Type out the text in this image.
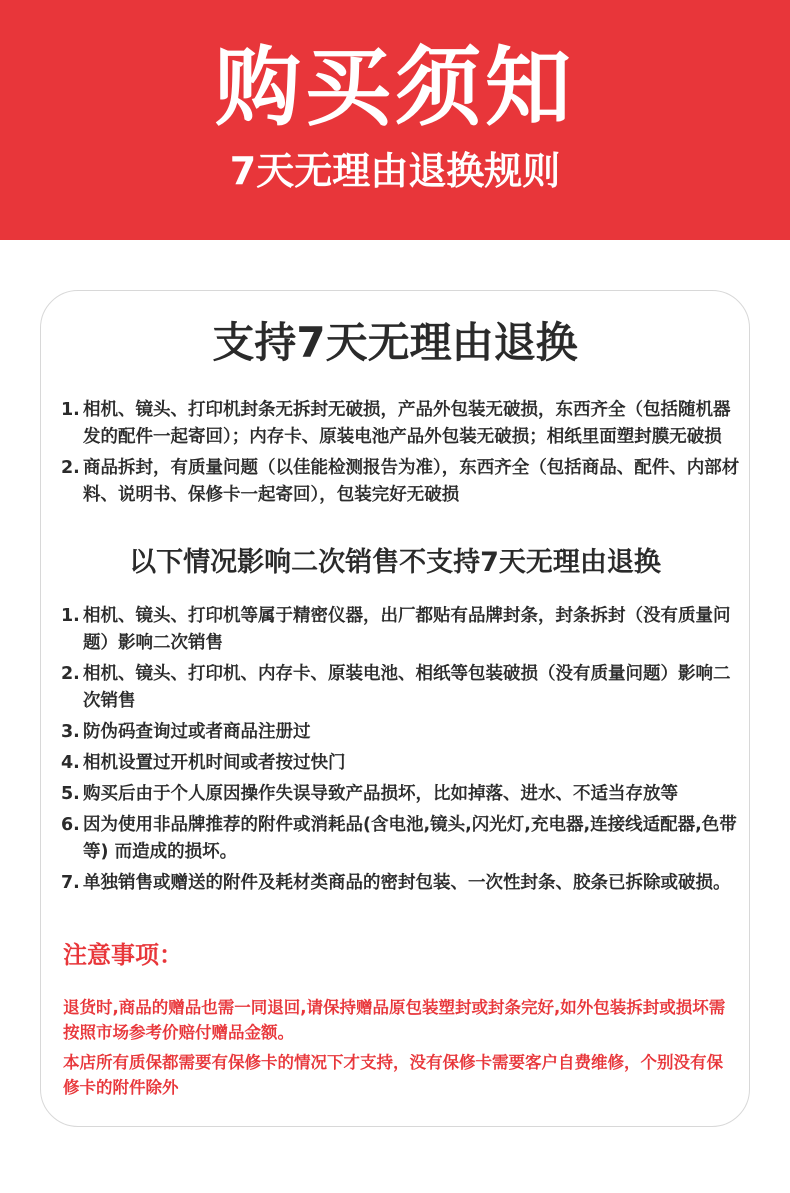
购买须知
7天无理由退换规则
支持7天无理由退换
1. 相机、镜头、打印机封条无拆封无破损，产品外包装无破损，东西齐全（包括随机器发的配件一起寄回）；内存卡、原装电池产品外包装无破损；相纸里面塑封膜无破损
2. 商品拆封，有质量问题（以佳能检测报告为准），东西齐全（包括商品、配件、内部材料、说明书、保修卡一起寄回），包装完好无破损
以下情况影响二次销售不支持7天无理由退换
1. 相机、镜头、打印机等属于精密仪器，出厂都贴有品牌封条，封条拆封（没有质量问题）影响二次销售
2. 相机、镜头、打印机、内存卡、原装电池、相纸等包装破损（没有质量问题）影响二次销售
3. 防伪码查询过或者商品注册过
4. 相机设置过开机时间或者按过快门
5. 购买后由于个人原因操作失误导致产品损坏，比如掉落、进水、不适当存放等
6. 因为使用非品牌推荐的附件或消耗品(含电池,镜头,闪光灯,充电器,连接线适配器,色带等) 而造成的损坏。
7. 单独销售或赠送的附件及耗材类商品的密封包装、一次性封条、胶条已拆除或破损。
注意事项：
退货时,商品的赠品也需一同退回,请保持赠品原包装塑封或封条完好,如外包装拆封或损坏需按照市场参考价赔付赠品金额。
本店所有质保都需要有保修卡的情况下才支持，没有保修卡需要客户自费维修，个别没有保修卡的附件除外
